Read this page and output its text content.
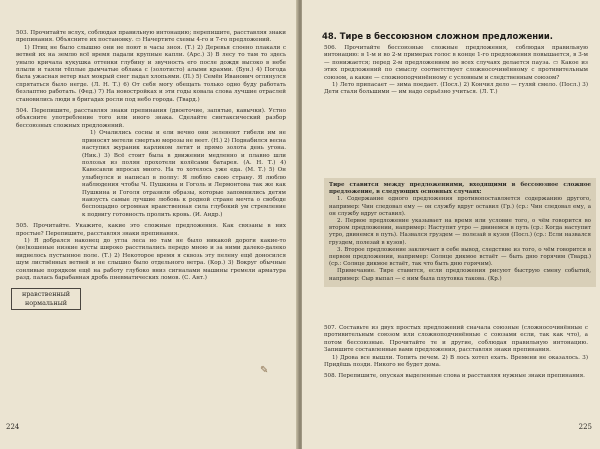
503. Прочитайте вслух, соблюдая правильную интонацию; перепишите, расставляя знаки препинания. Объясните их постановку. ▭ Начертите схемы 4-го и 7-го предложений.

1) Птиц не было слышно они не поют в часы зноя. (Т.) 2) Деревья слоено плакали с ветвей их на землю всё время падали крупные капли. (Арс.) 3) В лесу то там то здесь уныло кричала кукушка оттенки глубину и звучность его после дождя высоко в небе плыли и таяли тёплые дымчатые облака с (золотисто) алыми краями. (Бун.) 4) Погода была ужасная ветер выл мокрый снег падал хлопьями. (П.) 5) Семён Иванович оглянулся спрятаться было негде. (Л. Н. Т.) 6) От себя могу обещать только одно буду работать безлаптно работать. (Фед.) 7) На новостройках и эти годы ковала слова лучшие отраслей становились люди в бригадах росли под небо города. (Твард.)

504. Перепишите, расставляя знаки препинания (двоеточие, запятые, кавычки). Устно объясните употребление того или иного знака. Сделайте синтаксический разбор бессоюзных сложных предложений.

1) Очалились сосны и ели вечно они зеленеют гибели им не приносят метели смертью морозы не веет. (Н.) 2) Поднабился весна наступил жураник карликом летит и прямо золота день угона. (Ник.) 3) Всё стоит была в движении медленно и плавно шли полозья из полян прохотели колёсами батарея. (А. Н. Т.) 4) Кавесавли впросах много. На то хотелось уже еда. (М. Т.) 5) Он улыбнулся и написал в полпу: Я люблю свою страну. Я люблю наблюдения чтобы Ч. Пушкина и Гоголь и Лермонтова так же как Пушкина и Гоголя отразили образы, которые запомнились детям наизусть самые лучшие любовь к родной стране мечта о свободе беспощадно огромная нравственная сила глубокий ум стремление к подвигу готовность пролить кровь. (И. Андр.)

505. Прочитайте. Укажите, какие это сложные предложения. Как связаны в них простые? Перепишите, расставляя знаки препинания.

1) Я добрался наконец до угла леса но там не было никакой дороги какие-то (не)кошеные низкие кусты широко расстилались передо мною и за ними далеко-далеко виднелось пустынное поле. (Т.) 2) Некоторое время я сквозь эту пелену ещё доносился шум листвённых ветвей и не слышно было отдельного ветра. (Кор.) 3) Вокруг обычные сонливые порядком ещё на работу глубоко вниз сигналами машины гремели арматура разд. палась барабанная дробь пневматических ломов. (С. Ант.)

нравственный нормальный
224
48. Тире в бессоюзном сложном предложении.

506. Прочитайте бессоюзные сложные предложения, соблюдая правильную интонацию: в 1-м и во 2-м примерах голос в конце 1-го предложения повышается, в 3-м — понижается; перед 2-м предложением во всех случаях делается пауза. ▭ Какое из этих предложений по смыслу соответствует сложносочинённому с противительным союзом, а какие — сложноподчинённому с условным и следственным союзом?

1) Лето припасает — зима поедает. (Посл.) 2) Кончил дело — гуляй смело. (Посл.) 3) Дети стали большими — им надо серьёзно учиться. (Л. Т.)

Тире ставится между предложениями, входящими в бессоюзное сложное предложение, в следующих основных случаях:

1. Содержание одного предложения противопоставляется содержанию другого, например: Чин следовал ему — он службу вдруг оставил (Гр.) (ср.: Чин следовал ему, а он службу вдруг оставил).

2. Первое предложение указывает на время или условие того, о чём говорится во втором предложении, например: Наступит утро — двинемся в путь (ср.: Когда наступит утро, двинемся в путь). Назвался груздем — полезай в кузов (Посл.) (ср.: Если назвался груздем, полезай в кузов).

3. Второе предложение заключает в себе вывод, следствие из того, о чём говорится в первом предложении, например: Солнце дикмое встаёт — быть дню горячим (Твард.) (ср.: Солнце дикмое встаёт, так что быть дню горячим).

Примечание. Тире ставится, если предложения рисуют быструю смену событий, например: Сыр выпал — с ним была плутовка такова. (Кр.)

507. Составьте из двух простых предложений сначала союзные (сложносочинённые с противительным союзом или сложноподчинённые с союзами если, так как что), а потом бессоюзные. Прочитайте те и другие, соблюдая правильную интонацию. Запишите составленные вами предложения, расставляя знаки препинания.

1) Дрова все вышли. Топить печем. 2) В лось хотел ехать. Времени не оказалось. 3) Придёшь позди. Никого не будет дома.

508. Перепишите, опуская выделенные слова и расставляя нужные знаки препинания.

225
✎
